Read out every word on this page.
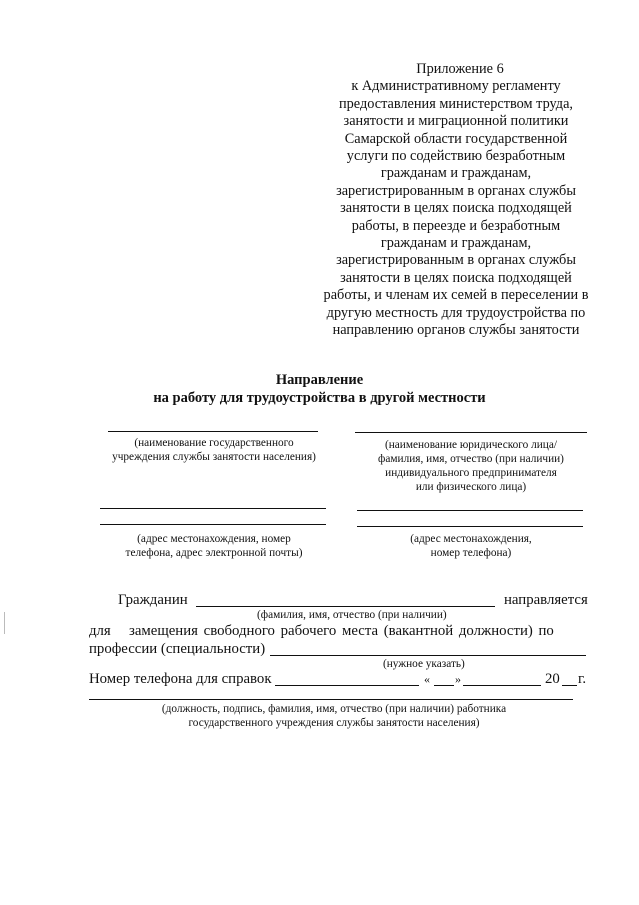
Приложение 6
к Административному регламенту
предоставления министерством труда,
занятости и миграционной политики
Самарской области государственной
услуги по содействию безработным
гражданам и гражданам,
зарегистрированным в органах службы
занятости в целях поиска подходящей
работы, в переезде и безработным
гражданам и гражданам,
зарегистрированным в органах службы
занятости в целях поиска подходящей
работы, и членам их семей в переселении в
другую местность для трудоустройства по
направлению органов службы занятости
Направление
на работу для трудоустройства в другой местности
(наименование государственного
учреждения службы занятости населения)
(наименование юридического лица/
фамилия, имя, отчество (при наличии)
индивидуального предпринимателя
или физического лица)
(адрес местонахождения, номер
телефона, адрес электронной почты)
(адрес местонахождения,
номер телефона)
Гражданин	направляется
(фамилия, имя, отчество (при наличии)
для замещения свободного рабочего места (вакантной должности) по
профессии (специальности)
(нужное указать)
Номер телефона для справок	« »	20 г.
(должность, подпись, фамилия, имя, отчество (при наличии) работника
государственного учреждения службы занятости населения)
